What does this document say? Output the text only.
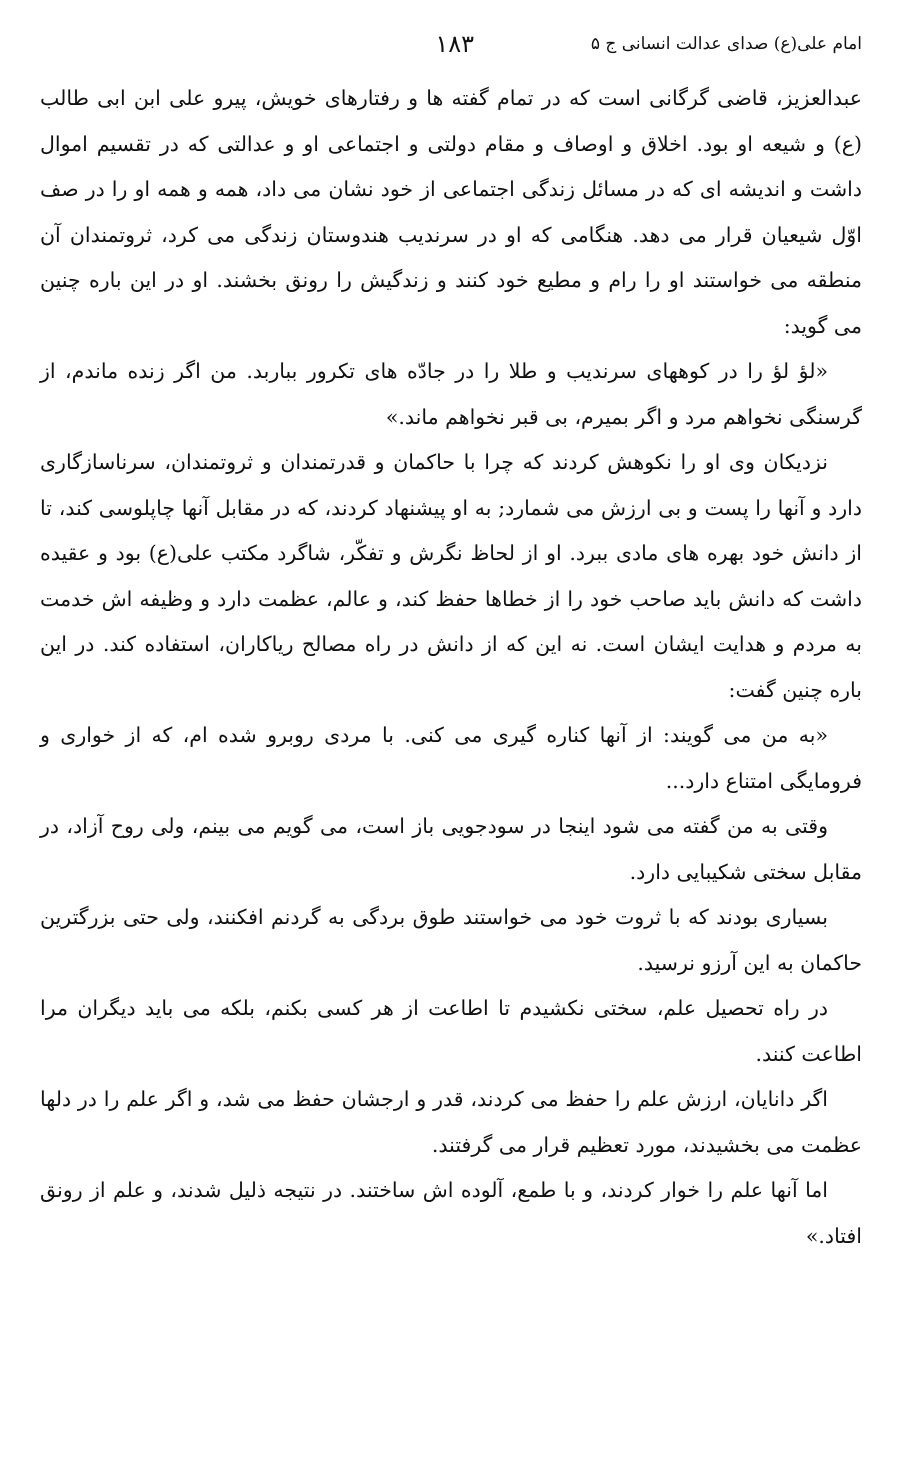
امام علی(ع) صدای عدالت انسانی ج ۵
۱۸۳

عبدالعزیز، قاضی گرگانی است که در تمام گفته ها و رفتارهای خویش، پیرو علی ابن ابی طالب (ع) و شیعه او بود. اخلاق و اوصاف و مقام دولتی و اجتماعی او و عدالتی که در تقسیم اموال داشت و اندیشه ای که در مسائل زندگی اجتماعی از خود نشان می داد، همه و همه او را در صف اوّل شیعیان قرار می دهد. هنگامی که او در سرندیب هندوستان زندگی می کرد، ثروتمندان آن منطقه می خواستند او را رام و مطیع خود کنند و زندگیش را رونق بخشند. او در این باره چنین می گوید:

«لؤ لؤ را در کوههای سرندیب و طلا را در جادّه های تکرور بباربد. من اگر زنده ماندم، از گرسنگی نخواهم مرد و اگر بمیرم، بی قبر نخواهم ماند.»

نزدیکان وی او را نکوهش کردند که چرا با حاکمان و قدرتمندان و ثروتمندان، سرناسازگاری دارد و آنها را پست و بی ارزش می شمارد; به او پیشنهاد کردند، که در مقابل آنها چاپلوسی کند، تا از دانش خود بهره های مادی ببرد. او از لحاظ نگرش و تفکّر، شاگرد مکتب علی(ع) بود و عقیده داشت که دانش باید صاحب خود را از خطاها حفظ کند، و عالم، عظمت دارد و وظیفه اش خدمت به مردم و هدایت ایشان است. نه این که از دانش در راه مصالح ریاکاران، استفاده کند. در این باره چنین گفت:

«به من می گویند: از آنها کناره گیری می کنی. با مردی روبرو شده ام، که از خواری و فرومایگی امتناع دارد...

وقتی به من گفته می شود اینجا در سودجویی باز است، می گویم می بینم، ولی روح آزاد، در مقابل سختی شکیبایی دارد.

بسیاری بودند که با ثروت خود می خواستند طوق بردگی به گردنم افکنند، ولی حتی بزرگترین حاکمان به این آرزو نرسید.

در راه تحصیل علم، سختی نکشیدم تا اطاعت از هر کسی بکنم، بلکه می باید دیگران مرا اطاعت کنند.

اگر دانایان، ارزش علم را حفظ می کردند، قدر و ارجشان حفظ می شد، و اگر علم را در دلها عظمت می بخشیدند، مورد تعظیم قرار می گرفتند.

اما آنها علم را خوار کردند، و با طمع، آلوده اش ساختند. در نتیجه ذلیل شدند، و علم از رونق افتاد.»
